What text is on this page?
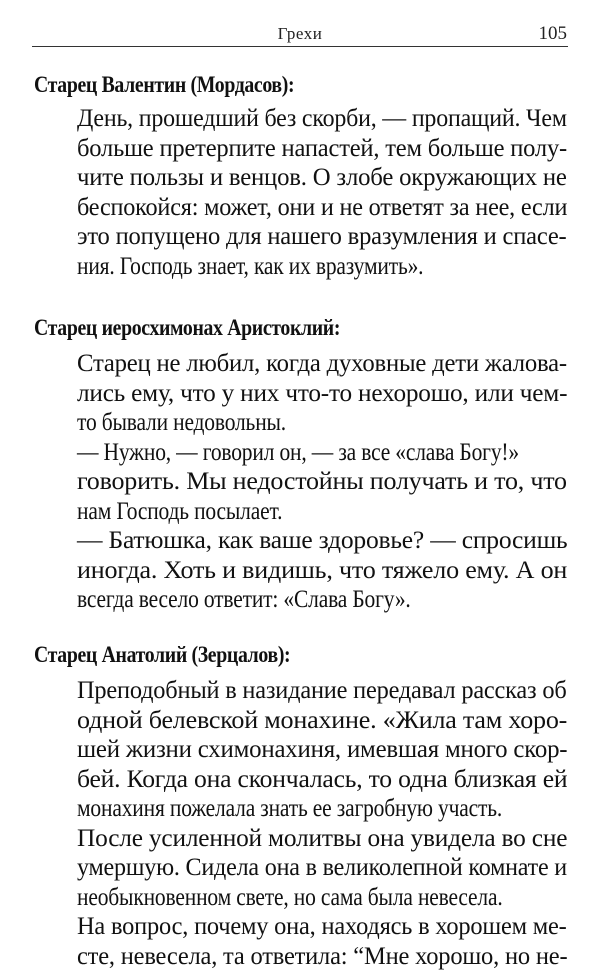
Грехи	105
Старец Валентин (Мордасов):
День, прошедший без скорби, — пропащий. Чем
больше претерпите напастей, тем больше полу-
чите пользы и венцов. О злобе окружающих не
беспокойся: может, они и не ответят за нее, если
это попущено для нашего вразумления и спасе-
ния. Господь знает, как их вразумить».
Старец иеросхимонах Аристоклий:
Старец не любил, когда духовные дети жалова-
лись ему, что у них что-то нехорошо, или чем-
то бывали недовольны.
— Нужно, — говорил он, — за все «слава Богу!»
говорить. Мы недостойны получать и то, что
нам Господь посылает.
— Батюшка, как ваше здоровье? — спросишь
иногда. Хоть и видишь, что тяжело ему. А он
всегда весело ответит: «Слава Богу».
Старец Анатолий (Зерцалов):
Преподобный в назидание передавал рассказ об
одной белевской монахине. «Жила там хоро-
шей жизни схимонахиня, имевшая много скор-
бей. Когда она скончалась, то одна близкая ей
монахиня пожелала знать ее загробную участь.
После усиленной молитвы она увидела во сне
умершую. Сидела она в великолепной комнате и
необыкновенном свете, но сама была невесела.
На вопрос, почему она, находясь в хорошем ме-
сте, невесела, та ответила: “Мне хорошо, но не-
